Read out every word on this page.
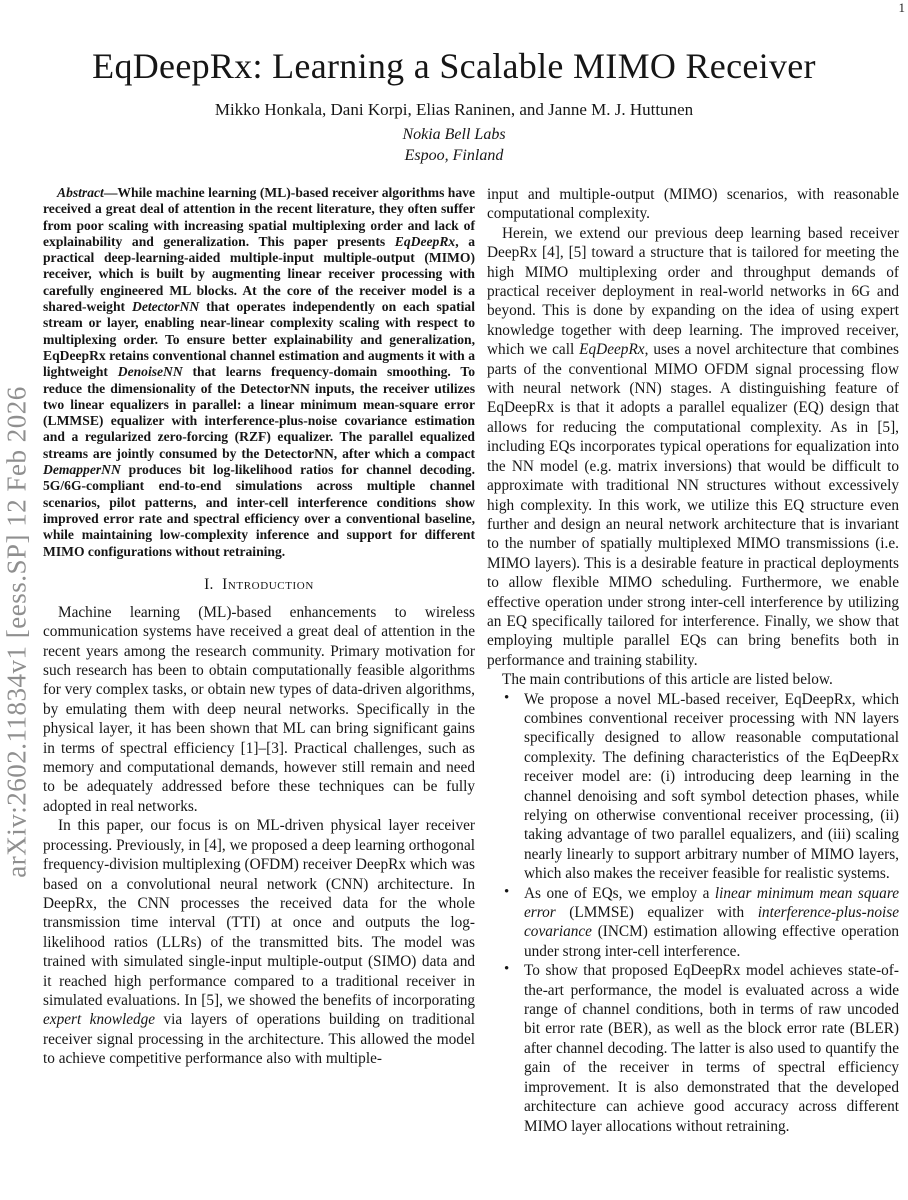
1
arXiv:2602.11834v1 [eess.SP] 12 Feb 2026
EqDeepRx: Learning a Scalable MIMO Receiver
Mikko Honkala, Dani Korpi, Elias Raninen, and Janne M. J. Huttunen
Nokia Bell Labs
Espoo, Finland

Abstract—While machine learning (ML)-based receiver algorithms have received a great deal of attention in the recent literature, they often suffer from poor scaling with increasing spatial multiplexing order and lack of explainability and generalization. This paper presents EqDeepRx, a practical deep-learning-aided multiple-input multiple-output (MIMO) receiver, which is built by augmenting linear receiver processing with carefully engineered ML blocks. At the core of the receiver model is a shared-weight DetectorNN that operates independently on each spatial stream or layer, enabling near-linear complexity scaling with respect to multiplexing order. To ensure better explainability and generalization, EqDeepRx retains conventional channel estimation and augments it with a lightweight DenoiseNN that learns frequency-domain smoothing. To reduce the dimensionality of the DetectorNN inputs, the receiver utilizes two linear equalizers in parallel: a linear minimum mean-square error (LMMSE) equalizer with interference-plus-noise covariance estimation and a regularized zero-forcing (RZF) equalizer. The parallel equalized streams are jointly consumed by the DetectorNN, after which a compact DemapperNN produces bit log-likelihood ratios for channel decoding. 5G/6G-compliant end-to-end simulations across multiple channel scenarios, pilot patterns, and inter-cell interference conditions show improved error rate and spectral efficiency over a conventional baseline, while maintaining low-complexity inference and support for different MIMO configurations without retraining.

I. Introduction

Machine learning (ML)-based enhancements to wireless communication systems have received a great deal of attention in the recent years among the research community. Primary motivation for such research has been to obtain computationally feasible algorithms for very complex tasks, or obtain new types of data-driven algorithms, by emulating them with deep neural networks. Specifically in the physical layer, it has been shown that ML can bring significant gains in terms of spectral efficiency [1]–[3]. Practical challenges, such as memory and computational demands, however still remain and need to be adequately addressed before these techniques can be fully adopted in real networks.

In this paper, our focus is on ML-driven physical layer receiver processing. Previously, in [4], we proposed a deep learning orthogonal frequency-division multiplexing (OFDM) receiver DeepRx which was based on a convolutional neural network (CNN) architecture. In DeepRx, the CNN processes the received data for the whole transmission time interval (TTI) at once and outputs the log-likelihood ratios (LLRs) of the transmitted bits. The model was trained with simulated single-input multiple-output (SIMO) data and it reached high performance compared to a traditional receiver in simulated evaluations. In [5], we showed the benefits of incorporating expert knowledge via layers of operations building on traditional receiver signal processing in the architecture. This allowed the model to achieve competitive performance also with multiple-

input and multiple-output (MIMO) scenarios, with reasonable computational complexity.

Herein, we extend our previous deep learning based receiver DeepRx [4], [5] toward a structure that is tailored for meeting the high MIMO multiplexing order and throughput demands of practical receiver deployment in real-world networks in 6G and beyond. This is done by expanding on the idea of using expert knowledge together with deep learning. The improved receiver, which we call EqDeepRx, uses a novel architecture that combines parts of the conventional MIMO OFDM signal processing flow with neural network (NN) stages. A distinguishing feature of EqDeepRx is that it adopts a parallel equalizer (EQ) design that allows for reducing the computational complexity. As in [5], including EQs incorporates typical operations for equalization into the NN model (e.g. matrix inversions) that would be difficult to approximate with traditional NN structures without excessively high complexity. In this work, we utilize this EQ structure even further and design an neural network architecture that is invariant to the number of spatially multiplexed MIMO transmissions (i.e. MIMO layers). This is a desirable feature in practical deployments to allow flexible MIMO scheduling. Furthermore, we enable effective operation under strong inter-cell interference by utilizing an EQ specifically tailored for interference. Finally, we show that employing multiple parallel EQs can bring benefits both in performance and training stability.

The main contributions of this article are listed below.

• We propose a novel ML-based receiver, EqDeepRx, which combines conventional receiver processing with NN layers specifically designed to allow reasonable computational complexity. The defining characteristics of the EqDeepRx receiver model are: (i) introducing deep learning in the channel denoising and soft symbol detection phases, while relying on otherwise conventional receiver processing, (ii) taking advantage of two parallel equalizers, and (iii) scaling nearly linearly to support arbitrary number of MIMO layers, which also makes the receiver feasible for realistic systems.
• As one of EQs, we employ a linear minimum mean square error (LMMSE) equalizer with interference-plus-noise covariance (INCM) estimation allowing effective operation under strong inter-cell interference.
• To show that proposed EqDeepRx model achieves state-of-the-art performance, the model is evaluated across a wide range of channel conditions, both in terms of raw uncoded bit error rate (BER), as well as the block error rate (BLER) after channel decoding. The latter is also used to quantify the gain of the receiver in terms of spectral efficiency improvement. It is also demonstrated that the developed architecture can achieve good accuracy across different MIMO layer allocations without retraining.
